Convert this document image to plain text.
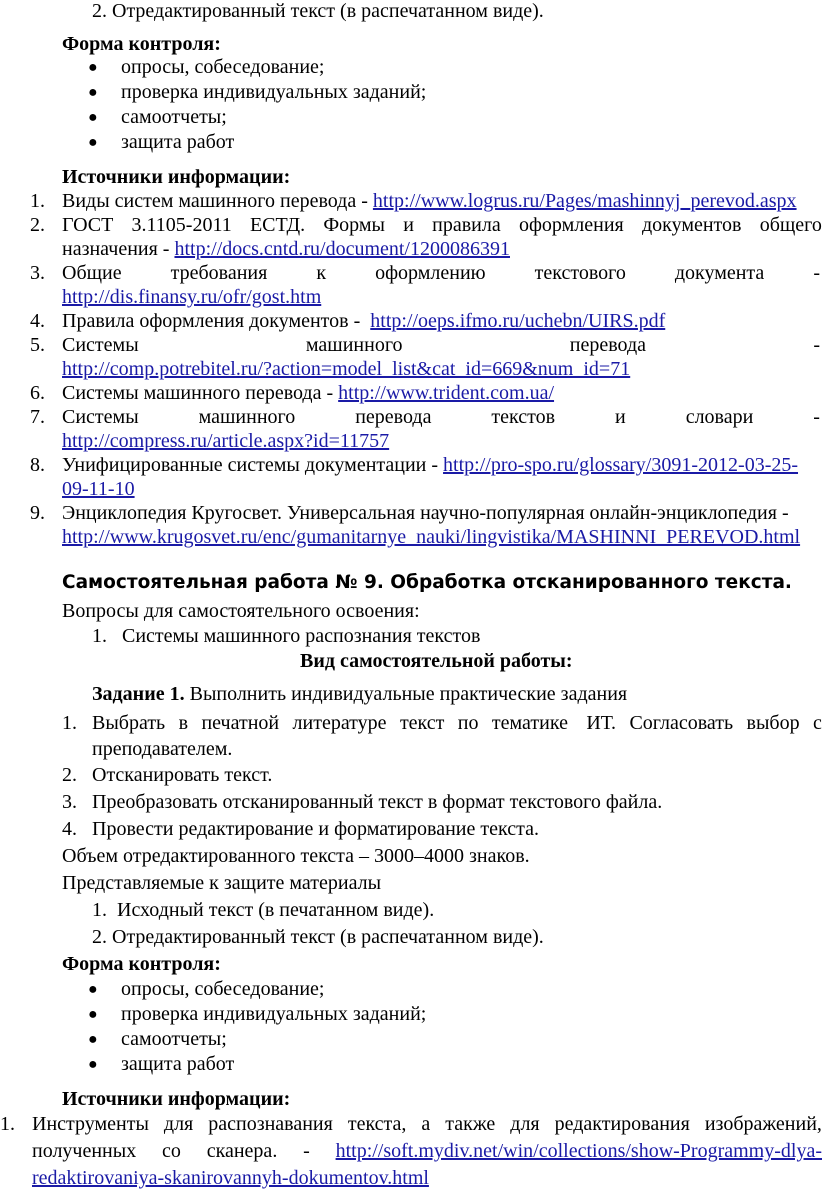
2. Отредактированный текст (в распечатанном виде).
Форма контроля:
● опросы, собеседование;
● проверка индивидуальных заданий;
● самоотчеты;
● защита работ
Источники информации:
1. Виды систем машинного перевода - http://www.logrus.ru/Pages/mashinnyj_perevod.aspx
2. ГОСТ 3.1105-2011 ЕСТД. Формы и правила оформления документов общего
назначения - http://docs.cntd.ru/document/1200086391
3. Общие требования к оформлению текстового документа -
http://dis.finansy.ru/ofr/gost.htm
4. Правила оформления документов -  http://oeps.ifmo.ru/uchebn/UIRS.pdf
5. Системы	машинного	перевода	-
http://comp.potrebitel.ru/?action=model_list&cat_id=669&num_id=71
6. Системы машинного перевода - http://www.trident.com.ua/
7. Системы	машинного	перевода	текстов	и	словари	-
http://compress.ru/article.aspx?id=11757
8. Унифицированные системы документации - http://pro-spo.ru/glossary/3091-2012-03-25-
09-11-10
9. Энциклопедия Кругосвет. Универсальная научно-популярная онлайн-энциклопедия -
http://www.krugosvet.ru/enc/gumanitarnye_nauki/lingvistika/MASHINNI_PEREVOD.html
Самостоятельная работа № 9. Обработка отсканированного текста.
Вопросы для самостоятельного освоения:
1.   Системы машинного распознания текстов
Вид самостоятельной работы:
Задание 1. Выполнить индивидуальные практические задания
1. Выбрать в печатной литературе текст по тематике ИТ. Согласовать выбор с
преподавателем.
2. Отсканировать текст.
3. Преобразовать отсканированный текст в формат текстового файла.
4. Провести редактирование и форматирование текста.
Объем отредактированного текста – 3000–4000 знаков.
Представляемые к защите материалы
1.  Исходный текст (в печатанном виде).
2. Отредактированный текст (в распечатанном виде).
Форма контроля:
● опросы, собеседование;
● проверка индивидуальных заданий;
● самоотчеты;
● защита работ
Источники информации:
1. Инструменты для распознавания текста, а также для редактирования изображений,
полученных со сканера. - http://soft.mydiv.net/win/collections/show-Programmy-dlya-
redaktirovaniya-skanirovannyh-dokumentov.html
